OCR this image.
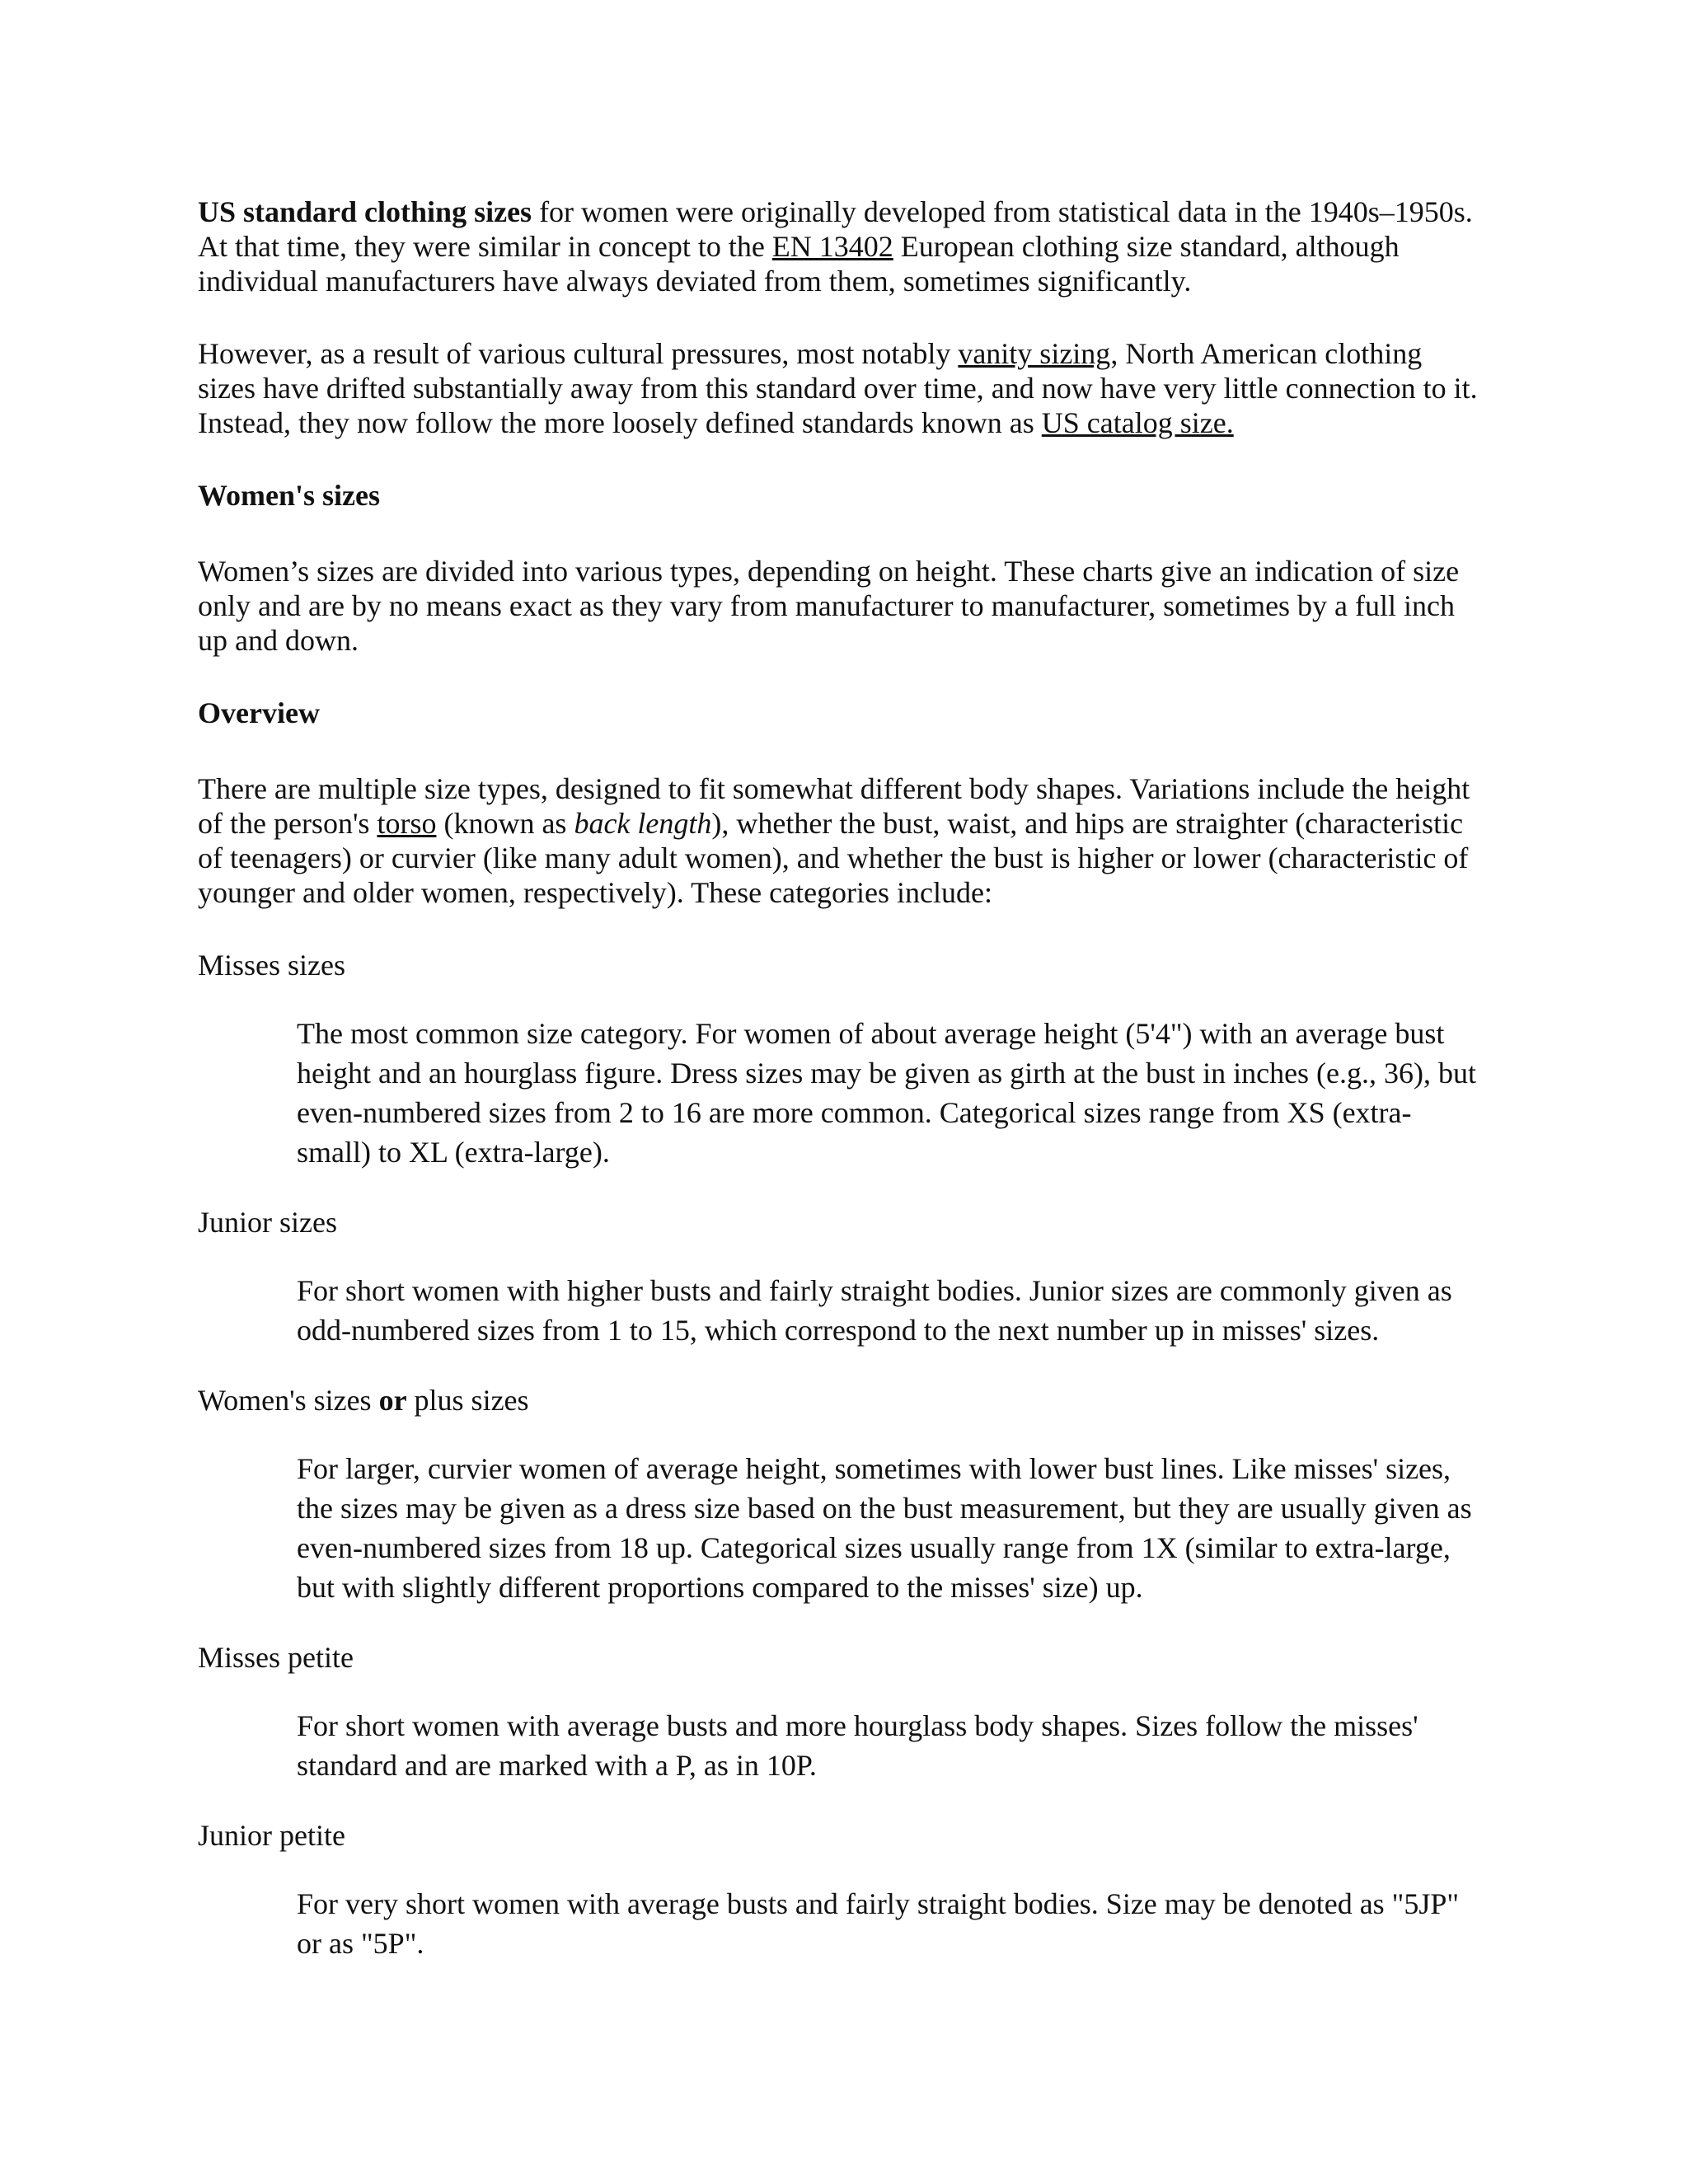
US standard clothing sizes for women were originally developed from statistical data in the 1940s–1950s. At that time, they were similar in concept to the EN 13402 European clothing size standard, although individual manufacturers have always deviated from them, sometimes significantly.

However, as a result of various cultural pressures, most notably vanity sizing, North American clothing sizes have drifted substantially away from this standard over time, and now have very little connection to it. Instead, they now follow the more loosely defined standards known as US catalog size.

Women's sizes

Women’s sizes are divided into various types, depending on height. These charts give an indication of size only and are by no means exact as they vary from manufacturer to manufacturer, sometimes by a full inch up and down.

Overview

There are multiple size types, designed to fit somewhat different body shapes. Variations include the height of the person's torso (known as back length), whether the bust, waist, and hips are straighter (characteristic of teenagers) or curvier (like many adult women), and whether the bust is higher or lower (characteristic of younger and older women, respectively). These categories include:

Misses sizes

The most common size category. For women of about average height (5'4") with an average bust height and an hourglass figure. Dress sizes may be given as girth at the bust in inches (e.g., 36), but even-numbered sizes from 2 to 16 are more common. Categorical sizes range from XS (extra-small) to XL (extra-large).

Junior sizes

For short women with higher busts and fairly straight bodies. Junior sizes are commonly given as odd-numbered sizes from 1 to 15, which correspond to the next number up in misses' sizes.

Women's sizes or plus sizes

For larger, curvier women of average height, sometimes with lower bust lines. Like misses' sizes, the sizes may be given as a dress size based on the bust measurement, but they are usually given as even-numbered sizes from 18 up. Categorical sizes usually range from 1X (similar to extra-large, but with slightly different proportions compared to the misses' size) up.

Misses petite

For short women with average busts and more hourglass body shapes. Sizes follow the misses' standard and are marked with a P, as in 10P.

Junior petite

For very short women with average busts and fairly straight bodies. Size may be denoted as "5JP" or as "5P".
